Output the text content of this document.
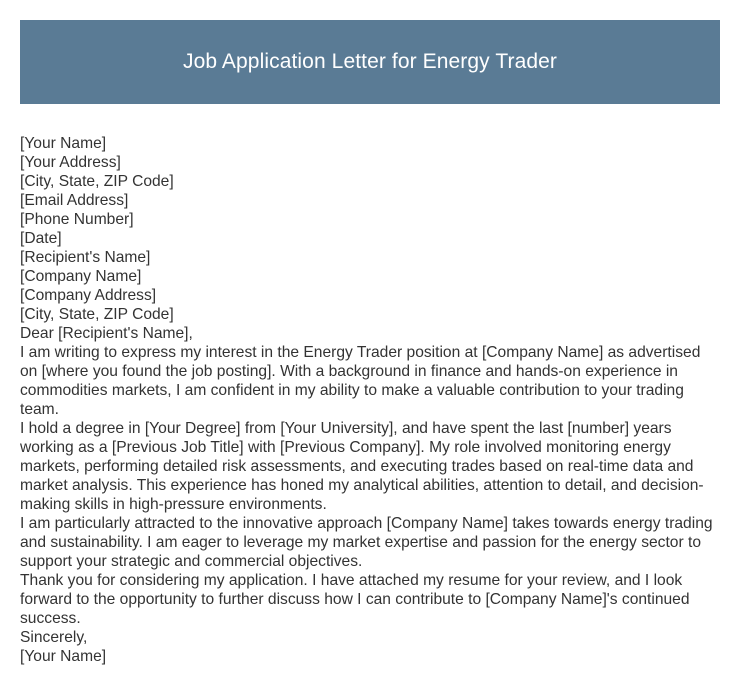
Job Application Letter for Energy Trader

[Your Name]

[Your Address]

[City, State, ZIP Code]

[Email Address]

[Phone Number]

[Date]

[Recipient's Name]

[Company Name]

[Company Address]

[City, State, ZIP Code]

Dear [Recipient's Name],

I am writing to express my interest in the Energy Trader position at [Company Name] as advertised on [where you found the job posting]. With a background in finance and hands-on experience in commodities markets, I am confident in my ability to make a valuable contribution to your trading team.

I hold a degree in [Your Degree] from [Your University], and have spent the last [number] years working as a [Previous Job Title] with [Previous Company]. My role involved monitoring energy markets, performing detailed risk assessments, and executing trades based on real-time data and market analysis. This experience has honed my analytical abilities, attention to detail, and decision-making skills in high-pressure environments.

I am particularly attracted to the innovative approach [Company Name] takes towards energy trading and sustainability. I am eager to leverage my market expertise and passion for the energy sector to support your strategic and commercial objectives.

Thank you for considering my application. I have attached my resume for your review, and I look forward to the opportunity to further discuss how I can contribute to [Company Name]'s continued success.

Sincerely,

[Your Name]
